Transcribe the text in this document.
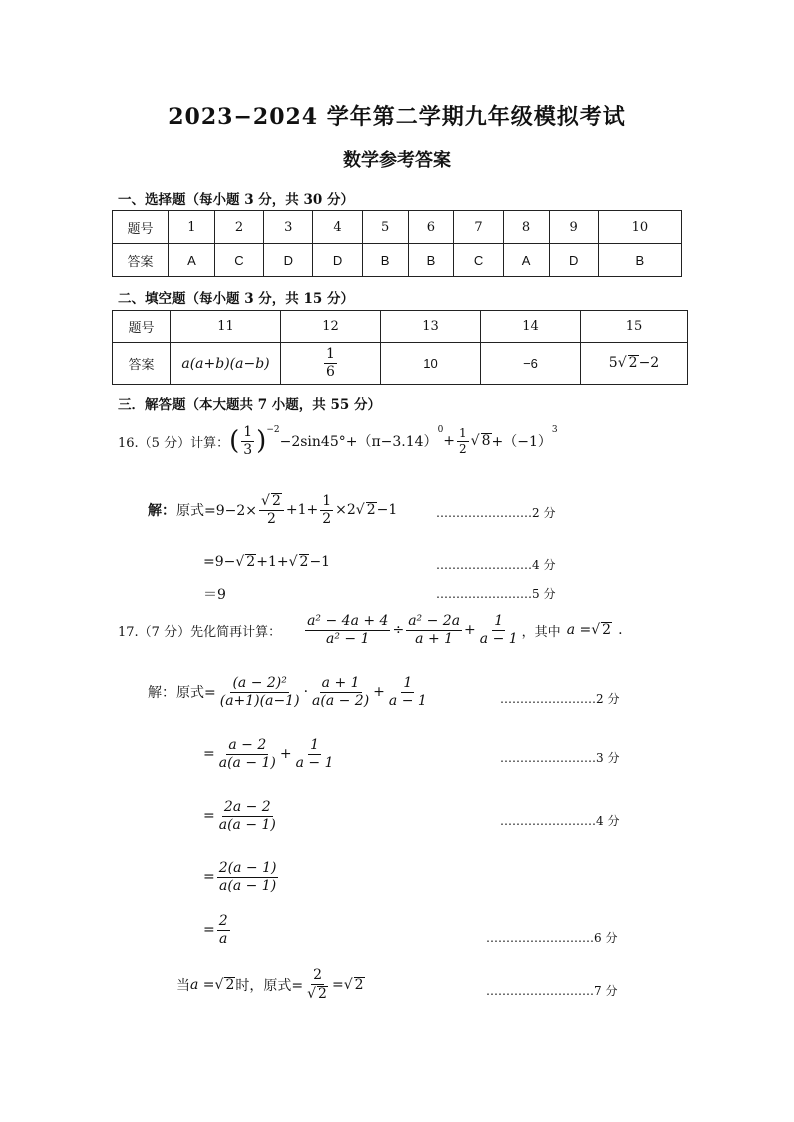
2023−2024 学年第二学期九年级模拟考试
数学参考答案
一、选择题（每小题 3 分，共 30 分）
题号	1	2	3	4	5	6	7	8	9	10
答案	A	C	D	D	B	B	C	A	D	B
二、填空题（每小题 3 分，共 15 分）
题号	11	12	13	14	15
答案	a(a+b)(a−b)	$\frac{1}{6}$	10	−6	5√ 2−2
三．解答题（本大题共 7 小题，共 55 分）
16.（5 分）计算： ( $\frac{1}{3} )^{-2}$
−2sin45°+（π−3.14）
$^0$
+ $\frac{1}{2}$ √ 8 +（−1）
$^3$
解： 原式$=9-2\times \frac{√ 2}{2} +1+ \frac{1}{2} \times 2$ √ 2 −1	……………………2 分
=9−√ 2+1+√ 2−1	……………………4 分
＝9	……………………5 分
17.（7 分）先化简再计算： $\frac{\text{a² − 4a + 4}}{\text{a² − 1}} \div \frac{\text{a² − 2a}}{a + 1} + \frac{1}{a - 1}$ ，其中 a = √ 2 .
解：原式= $\frac{\text{(a − 2)²}}{(a+1)(a-1)} \cdot \frac{a + 1}{a(a - 2)} + \frac{1}{a - 1}$	……………………2 分
= $\frac{a - 2}{a(a - 1)} + \frac{1}{a - 1}$	……………………3 分
= $\frac{2a - 2}{a(a - 1)}$	……………………4 分
= $\frac{2(a - 1)}{a(a - 1)}$
= $\frac{2}{a}$	………………………6 分
当 a = √ 2 时，原式= $\frac{2}{√ 2}$ = √ 2	………………………7 分
